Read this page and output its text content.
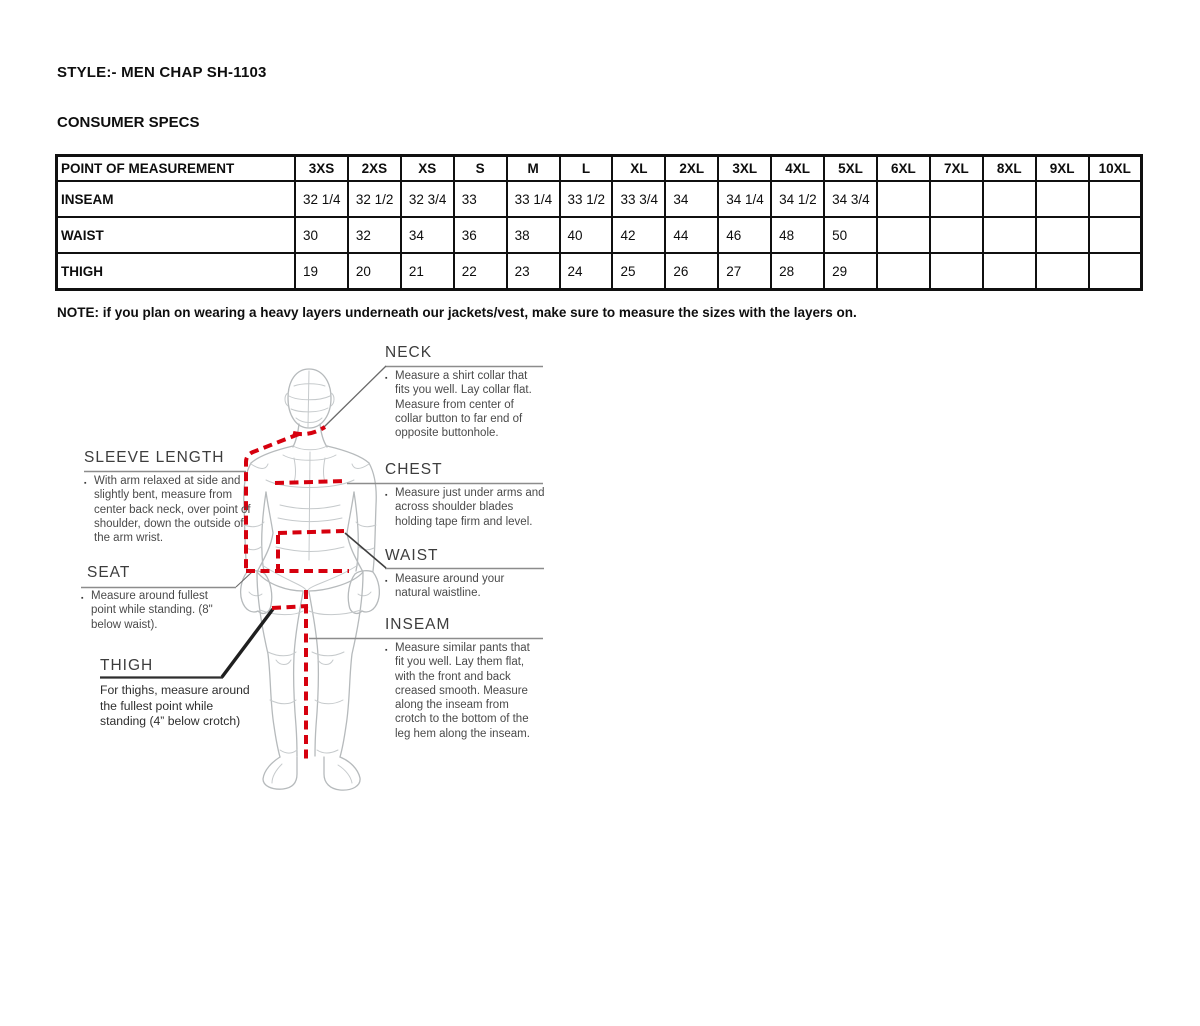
STYLE:- MEN CHAP SH-1103
CONSUMER SPECS
POINT OF MEASUREMENT	3XS	2XS	XS	S	M	L	XL	2XL	3XL	4XL	5XL	6XL	7XL	8XL	9XL	10XL
INSEAM	32 1/4	32 1/2	32 3/4	33	33 1/4	33 1/2	33 3/4	34	34 1/4	34 1/2	34 3/4					
WAIST	30	32	34	36	38	40	42	44	46	48	50					
THIGH	19	20	21	22	23	24	25	26	27	28	29					
NOTE: if you plan on wearing a heavy layers underneath our jackets/vest, make sure to measure the sizes with the layers on.
NECK
▪ Measure a shirt collar that fits you well. Lay collar flat. Measure from center of collar button to far end of opposite buttonhole.
CHEST
▪ Measure just under arms and across shoulder blades holding tape firm and level.
WAIST
▪ Measure around your natural waistline.
INSEAM
▪ Measure similar pants that fit you well. Lay them flat, with the front and back creased smooth. Measure along the inseam from crotch to the bottom of the leg hem along the inseam.
SLEEVE LENGTH
▪ With arm relaxed at side and slightly bent, measure from center back neck, over point of shoulder, down the outside of the arm wrist.
SEAT
▪ Measure around fullest point while standing. (8" below waist).
THIGH
For thighs, measure around the fullest point while standing (4” below crotch)
